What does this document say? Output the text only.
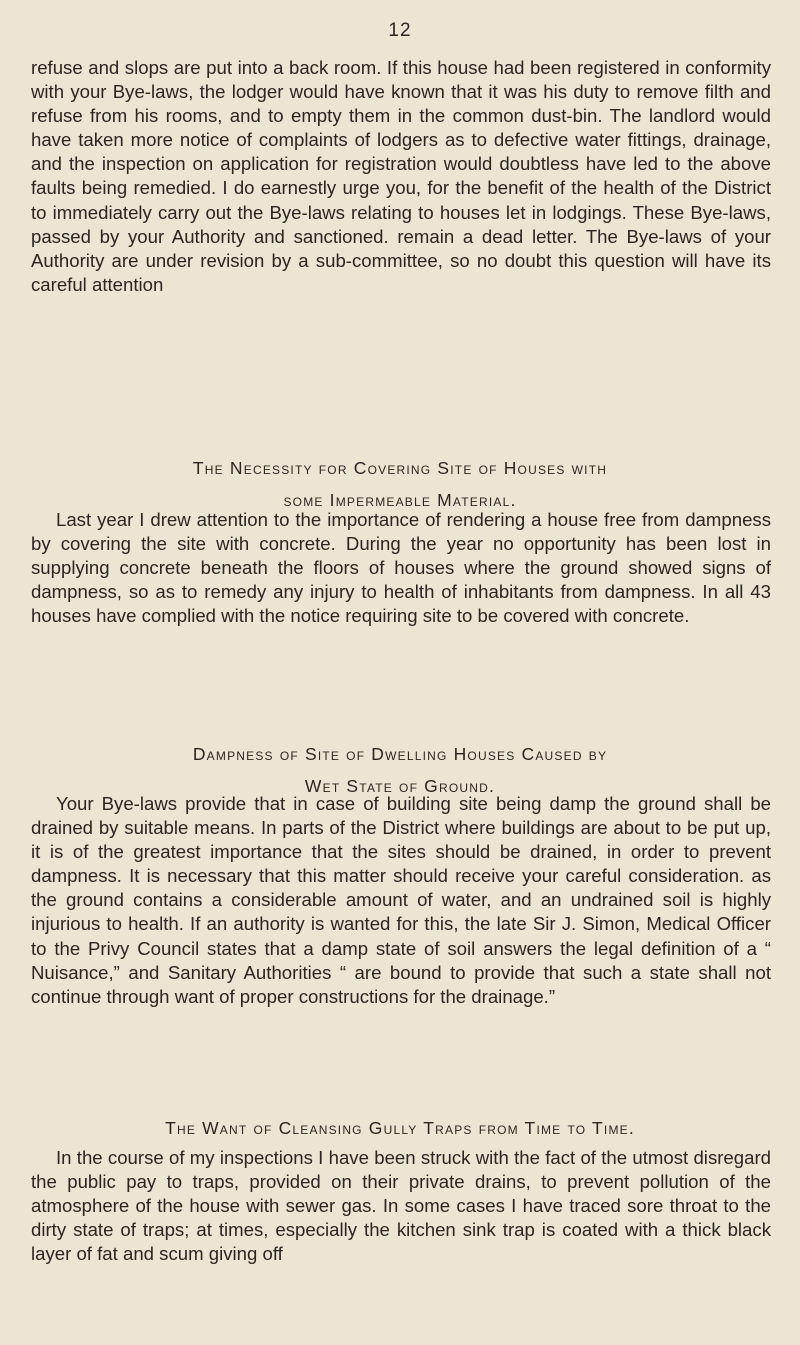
12

refuse and slops are put into a back room. If this house had been registered in conformity with your Bye-laws, the lodger would have known that it was his duty to remove filth and refuse from his rooms, and to empty them in the common dust-bin. The landlord would have taken more notice of complaints of lodgers as to defective water fittings, drainage, and the inspection on application for registration would doubtless have led to the above faults being remedied. I do earnestly urge you, for the benefit of the health of the District to immediately carry out the Bye-laws relating to houses let in lodgings. These Bye-laws, passed by your Authority and sanctioned. remain a dead letter. The Bye-laws of your Authority are under revision by a sub-committee, so no doubt this question will have its careful attention

The Necessity for Covering Site of Houses with
some Impermeable Material.

Last year I drew attention to the importance of rendering a house free from dampness by covering the site with concrete. During the year no opportunity has been lost in supplying concrete beneath the floors of houses where the ground showed signs of dampness, so as to remedy any injury to health of inhabitants from dampness. In all 43 houses have complied with the notice requiring site to be covered with concrete.

Dampness of Site of Dwelling Houses Caused by
Wet State of Ground.

Your Bye-laws provide that in case of building site being damp the ground shall be drained by suitable means. In parts of the District where buildings are about to be put up, it is of the greatest importance that the sites should be drained, in order to prevent dampness. It is necessary that this matter should receive your careful consideration. as the ground contains a considerable amount of water, and an undrained soil is highly injurious to health. If an authority is wanted for this, the late Sir J. Simon, Medical Officer to the Privy Council states that a damp state of soil answers the legal definition of a “ Nuisance,” and Sanitary Authorities “ are bound to provide that such a state shall not continue through want of proper constructions for the drainage.”

The Want of Cleansing Gully Traps from Time to Time.

In the course of my inspections I have been struck with the fact of the utmost disregard the public pay to traps, provided on their private drains, to prevent pollution of the atmosphere of the house with sewer gas. In some cases I have traced sore throat to the dirty state of traps; at times, especially the kitchen sink trap is coated with a thick black layer of fat and scum giving off
